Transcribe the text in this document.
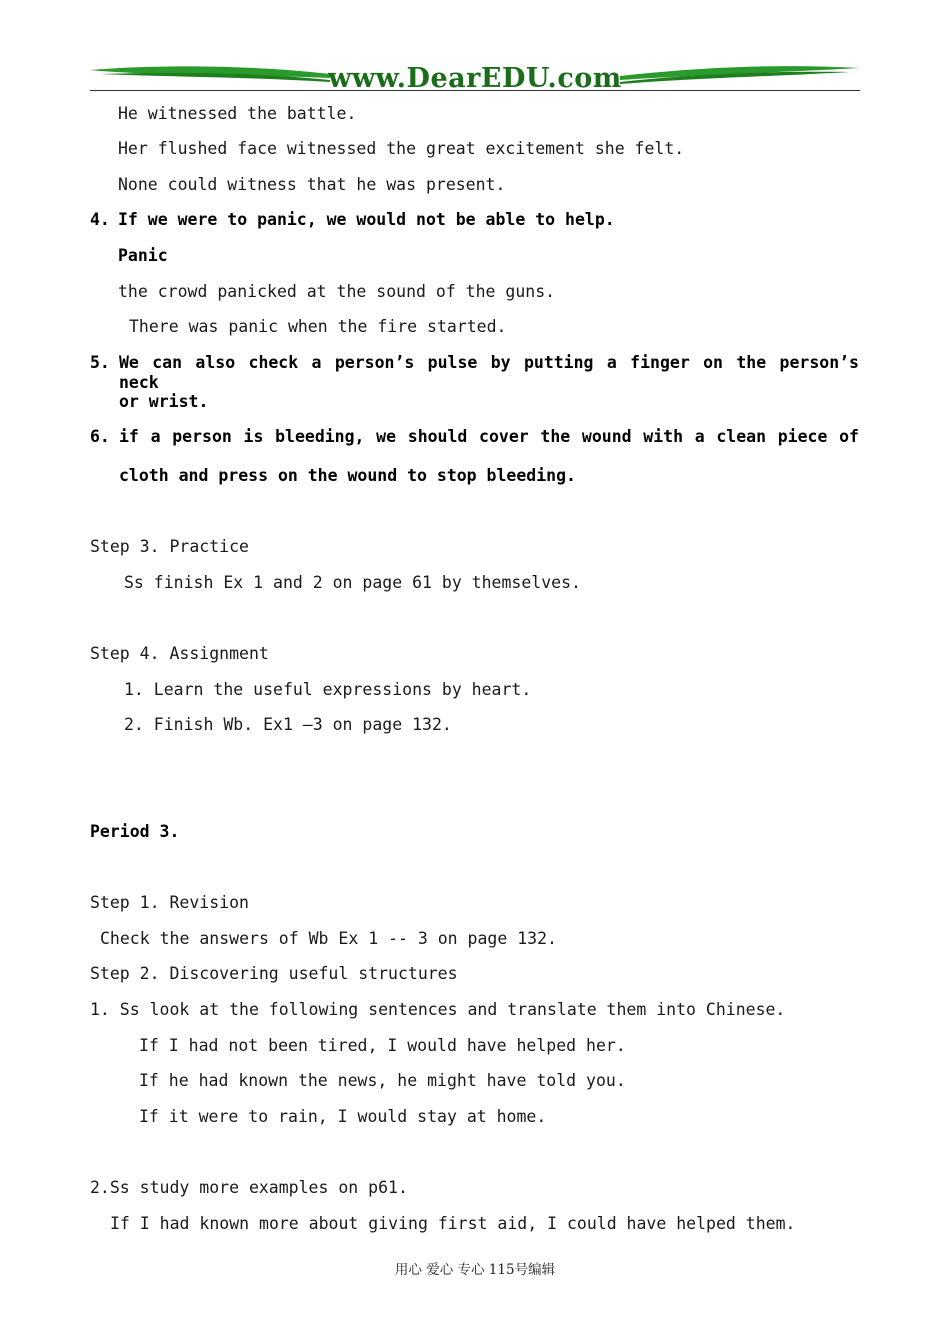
www.DearEDU.com
He witnessed the battle.
Her flushed face witnessed the great excitement she felt.
None could witness that he was present.
4. If we were to panic, we would not be able to help.
Panic
the crowd panicked at the sound of the guns.
There was panic when the fire started.
5. We can also check a person’s pulse by putting a finger on the person’s neck
or wrist.
6. if a person is bleeding, we should cover the wound with a clean piece of
cloth and press on the wound to stop bleeding.
Step 3. Practice
Ss finish Ex 1 and 2 on page 61 by themselves.
Step 4. Assignment
1. Learn the useful expressions by heart.
2. Finish Wb. Ex1 –3 on page 132.
Period 3.
Step 1. Revision
Check the answers of Wb Ex 1 -- 3 on page 132.
Step 2. Discovering useful structures
1. Ss look at the following sentences and translate them into Chinese.
If I had not been tired, I would have helped her.
If he had known the news, he might have told you.
If it were to rain, I would stay at home.
2.Ss study more examples on p61.
If I had known more about giving first aid, I could have helped them.
用心 爱心 专心 115号编辑
